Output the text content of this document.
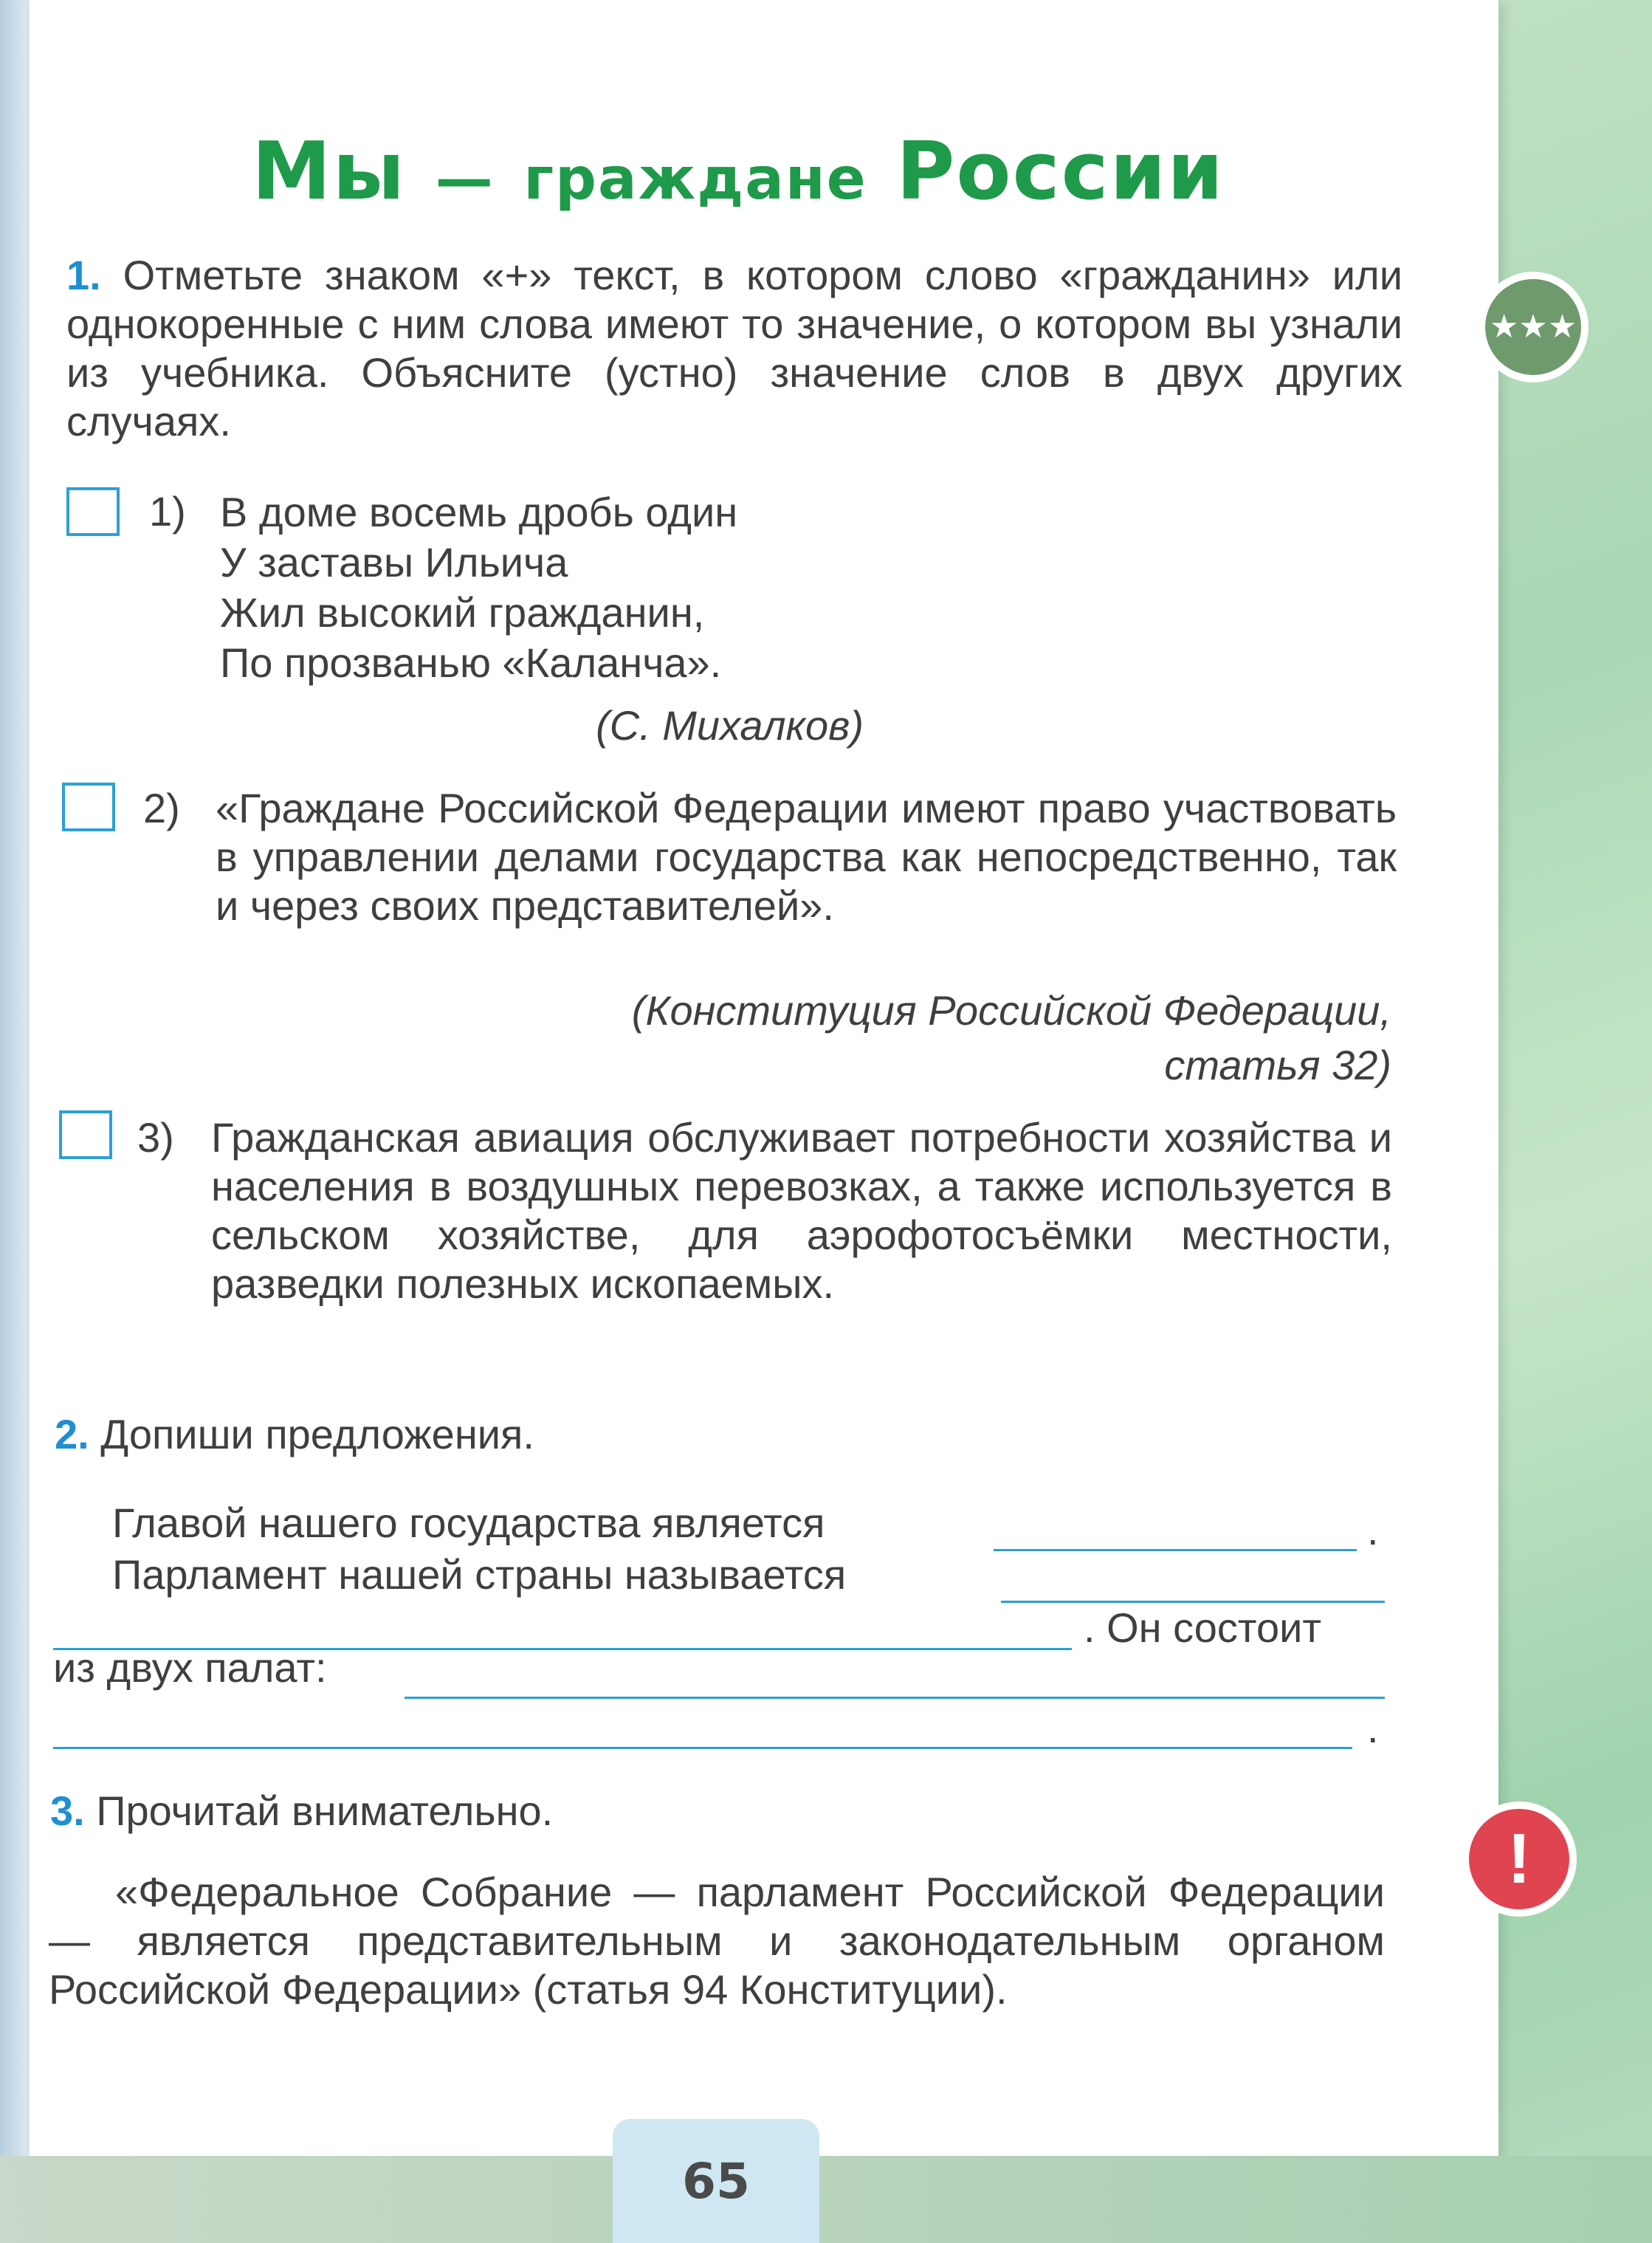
Мы — граждане России
★★★

1. Отметьте знаком «+» текст, в котором слово «гражданин» или однокоренные с ним слова имеют то значение, о котором вы узнали из учебника. Объясните (устно) значение слов в двух других случаях.

1) В доме восемь дробь один
У заставы Ильича
Жил высокий гражданин,
По прозванью «Каланча».
(С. Михалков)
2) «Граждане Российской Федерации имеют право участвовать в управлении делами государства как непосредственно, так и через своих представителей».

(Конституция Российской Федерации,
статья 32)
3) Гражданская авиация обслуживает потребности хозяйства и населения в воздушных перевозках, а также используется в сельском хозяйстве, для аэрофотосъёмки местности, разведки полезных ископаемых.

2. Допиши предложения.
Главой нашего государства является	.
Парламент нашей страны называется
. Он состоит
из двух палат:
.
3. Прочитай внимательно.

«Федеральное Собрание — парламент Российской Федерации — является представительным и законодательным органом Российской Федерации» (статья 94 Конституции).

!
65
